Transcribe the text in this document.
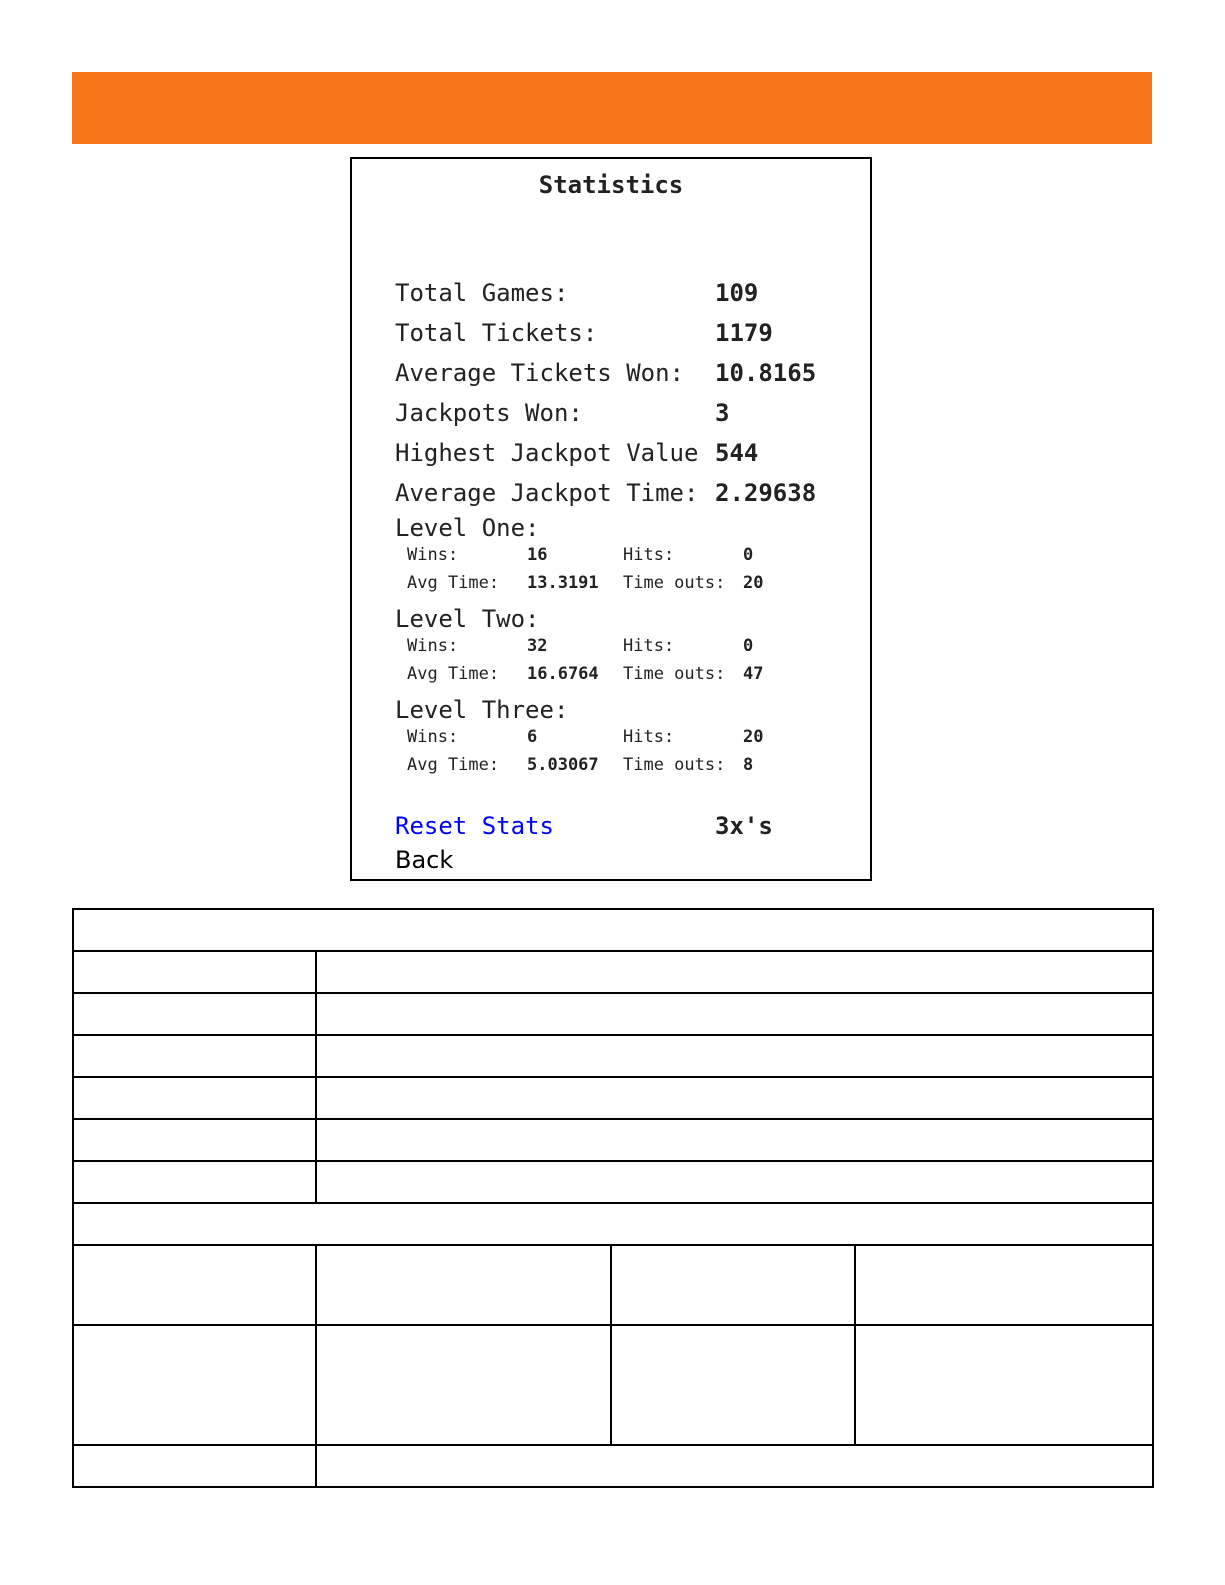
Statistics
Total Games:	109
Total Tickets:	1179
Average Tickets Won: 10.8165
Jackpots Won:	3
Highest Jackpot Value 544
Average Jackpot Time: 2.29638
Level One:
Wins:	16	Hits:	0
Avg Time: 13.3191 Time outs: 20
Level Two:
Wins:	32	Hits:	0
Avg Time: 16.6764 Time outs: 47
Level Three:
Wins:	6	Hits:	20
Avg Time: 5.03067 Time outs: 8
Reset Stats	3x's
Back
